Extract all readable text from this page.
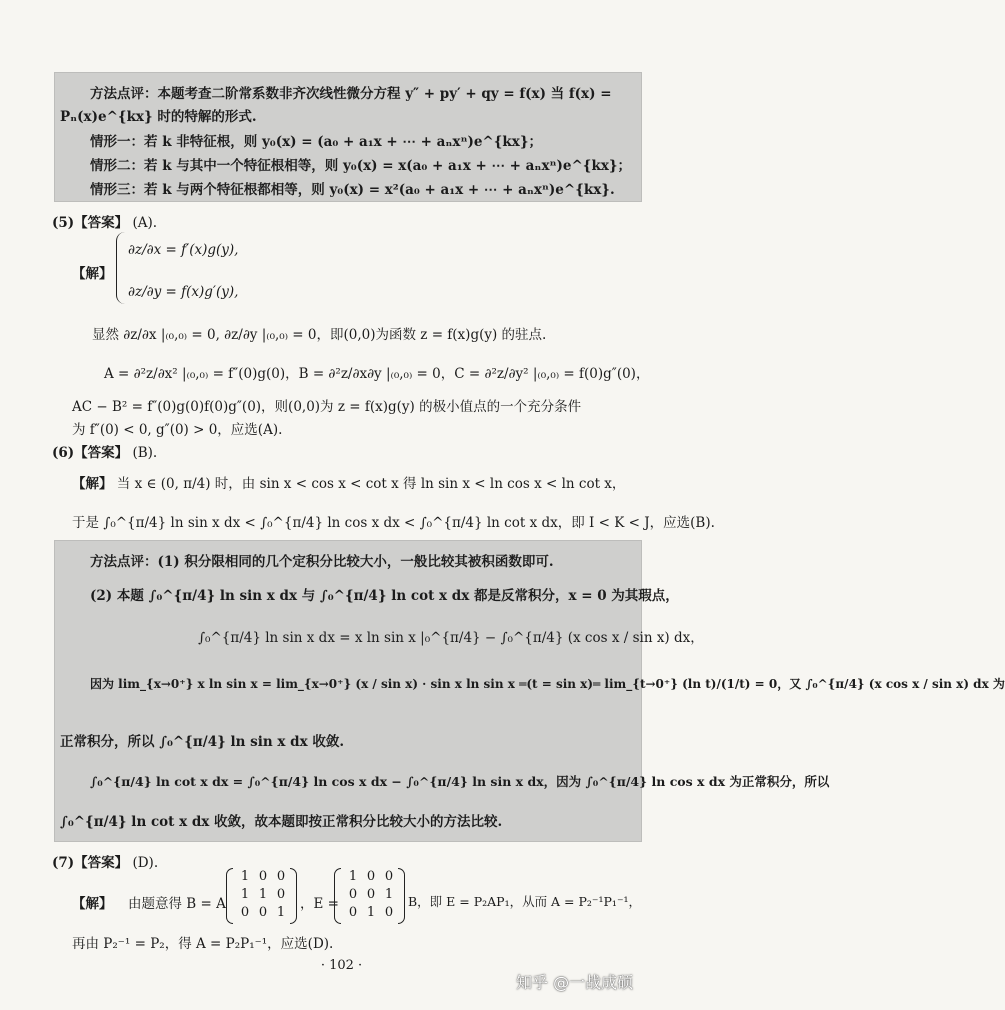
方法点评：本题考查二阶常系数非齐次线性微分方程 y″ + py′ + qy = f(x) 当 f(x) =
Pₙ(x)e^{kx} 时的特解的形式.
情形一：若 k 非特征根，则 y₀(x) = (a₀ + a₁x + ⋯ + aₙxⁿ)e^{kx}；
情形二：若 k 与其中一个特征根相等，则 y₀(x) = x(a₀ + a₁x + ⋯ + aₙxⁿ)e^{kx}；
情形三：若 k 与两个特征根都相等，则 y₀(x) = x²(a₀ + a₁x + ⋯ + aₙxⁿ)e^{kx}.
(5)【答案】 (A).
【解】
∂z/∂x = f′(x)g(y),
∂z/∂y = f(x)g′(y),
显然 ∂z/∂x |₍₀,₀₎ = 0, ∂z/∂y |₍₀,₀₎ = 0，即(0,0)为函数 z = f(x)g(y) 的驻点.
A = ∂²z/∂x² |₍₀,₀₎ = f″(0)g(0)，B = ∂²z/∂x∂y |₍₀,₀₎ = 0，C = ∂²z/∂y² |₍₀,₀₎ = f(0)g″(0)，
AC − B² = f″(0)g(0)f(0)g″(0)，则(0,0)为 z = f(x)g(y) 的极小值点的一个充分条件
为 f″(0) < 0, g″(0) > 0，应选(A).
(6)【答案】 (B).
【解】 当 x ∈ (0, π/4) 时，由 sin x < cos x < cot x 得 ln sin x < ln cos x < ln cot x，
于是 ∫₀^{π/4} ln sin x dx < ∫₀^{π/4} ln cos x dx < ∫₀^{π/4} ln cot x dx，即 I < K < J，应选(B).
方法点评：(1) 积分限相同的几个定积分比较大小，一般比较其被积函数即可.
(2) 本题 ∫₀^{π/4} ln sin x dx 与 ∫₀^{π/4} ln cot x dx 都是反常积分，x = 0 为其瑕点，
∫₀^{π/4} ln sin x dx = x ln sin x |₀^{π/4} − ∫₀^{π/4} (x cos x / sin x) dx，
因为 lim_{x→0⁺} x ln sin x = lim_{x→0⁺} (x / sin x) · sin x ln sin x ═(t = sin x)═ lim_{t→0⁺} (ln t)/(1/t) = 0，又 ∫₀^{π/4} (x cos x / sin x) dx 为
正常积分，所以 ∫₀^{π/4} ln sin x dx 收敛.
∫₀^{π/4} ln cot x dx = ∫₀^{π/4} ln cos x dx − ∫₀^{π/4} ln sin x dx，因为 ∫₀^{π/4} ln cos x dx 为正常积分，所以
∫₀^{π/4} ln cot x dx 收敛，故本题即按正常积分比较大小的方法比较.
(7)【答案】 (D).
【解】 由题意得 B = A
1 0 0
1 1 0
0 0 1
，E =
1 0 0
0 0 1
0 1 0
B，即 E = P₂AP₁，从而 A = P₂⁻¹P₁⁻¹，
再由 P₂⁻¹ = P₂，得 A = P₂P₁⁻¹，应选(D).
· 102 ·
知乎 @一战成硕
